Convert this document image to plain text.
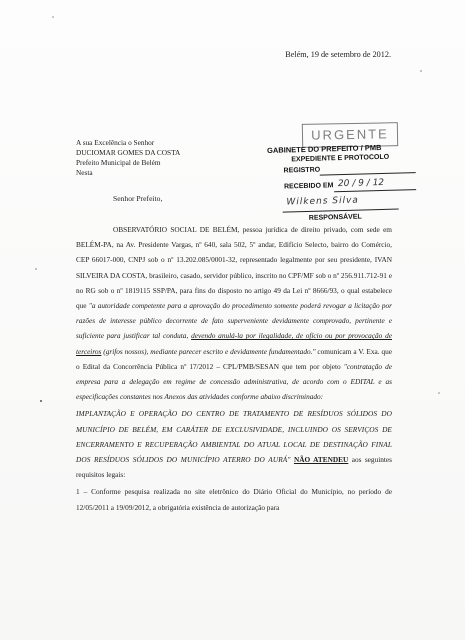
Belém, 19 de setembro de 2012.
URGENTE
GABINETE DO PREFEITO / PMB
EXPEDIENTE E PROTOCOLO
REGISTRO
RECEBIDO EM 20 / 9 / 12
Wilkens Silva
RESPONSÁVEL
A sua Excelência o Senhor
DUCIOMAR GOMES DA COSTA
Prefeito Municipal de Belém
Nesta
Senhor Prefeito,

OBSERVATÓRIO SOCIAL DE BELÉM, pessoa jurídica de direito privado, com sede em BELÉM-PA, na Av. Presidente Vargas, nº 640, sala 502, 5º andar, Edifício Selecto, bairro do Comércio, CEP 66017-000, CNPJ sob o nº 13.202.085/0001-32, representado legalmente por seu presidente, IVAN SILVEIRA DA COSTA, brasileiro, casado, servidor público, inscrito no CPF/MF sob o nº 256.911.712-91 e no RG sob o nº 1819115 SSP/PA, para fins do disposto no artigo 49 da Lei nº 8666/93, o qual estabelece que "a autoridade competente para a aprovação do procedimento somente poderá revogar a licitação por razões de interesse público decorrente de fato superveniente devidamente comprovado, pertinente e suficiente para justificar tal conduta, devendo anulá-la por ilegalidade, de ofício ou por provocação de terceiros (grifos nossos), mediante parecer escrito e devidamente fundamentado." comunicam a V. Exa. que o Edital da Concorrência Pública nº 17/2012 – CPL/PMB/SESAN que tem por objeto "contratação de empresa para a delegação em regime de concessão administrativa, de acordo com o EDITAL e as especificações constantes nos Anexos das atividades conforme abaixo discriminado:

IMPLANTAÇÃO E OPERAÇÃO DO CENTRO DE TRATAMENTO DE RESÍDUOS SÓLIDOS DO MUNICÍPIO DE BELÉM, EM CARÁTER DE EXCLUSIVIDADE, INCLUINDO OS SERVIÇOS DE ENCERRAMENTO E RECUPERAÇÃO AMBIENTAL DO ATUAL LOCAL DE DESTINAÇÃO FINAL DOS RESÍDUOS SÓLIDOS DO MUNICÍPIO ATERRO DO AURÁ" NÃO ATENDEU aos seguintes requisitos legais:

1 – Conforme pesquisa realizada no site eletrônico do Diário Oficial do Município, no período de 12/05/2011 a 19/09/2012, a obrigatória existência de autorização para
